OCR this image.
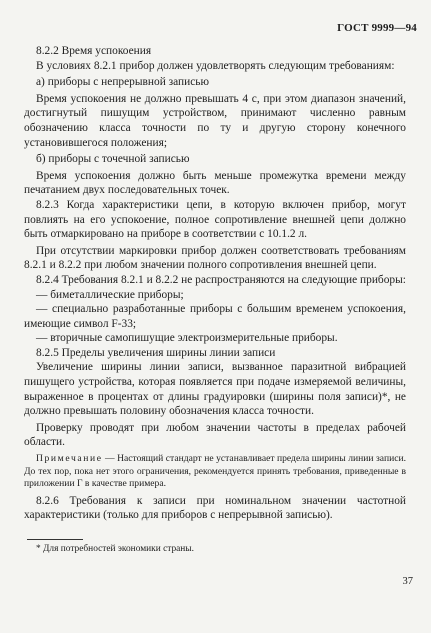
ГОСТ 9999—94

8.2.2 Время успокоения

В условиях 8.2.1 прибор должен удовлетворять следующим требованиям:

а) приборы с непрерывной записью

Время успокоения не должно превышать 4 с, при этом диапазон значений, достигнутый пишущим устройством, принимают численно равным обозначению класса точности по ту и другую сторону конечного установившегося положения;

б) приборы с точечной записью

Время успокоения должно быть меньше промежутка времени между печатанием двух последовательных точек.

8.2.3 Когда характеристики цепи, в которую включен прибор, могут повлиять на его успокоение, полное сопротивление внешней цепи должно быть отмаркировано на приборе в соответствии с 10.1.2 л.

При отсутствии маркировки прибор должен соответствовать требованиям 8.2.1 и 8.2.2 при любом значении полного сопротивления внешней цепи.

8.2.4 Требования 8.2.1 и 8.2.2 не распространяются на следующие приборы:

— биметаллические приборы;

— специально разработанные приборы с большим временем успокоения, имеющие символ F-33;

— вторичные самопишущие электроизмерительные приборы.

8.2.5 Пределы увеличения ширины линии записи

Увеличение ширины линии записи, вызванное паразитной вибрацией пишущего устройства, которая появляется при подаче измеряемой величины, выраженное в процентах от длины градуировки (ширины поля записи)*, не должно превышать половину обозначения класса точности.

Проверку проводят при любом значении частоты в пределах рабочей области.

Примечание — Настоящий стандарт не устанавливает предела ширины линии записи. До тех пор, пока нет этого ограничения, рекомендуется принять требования, приведенные в приложении Г в качестве примера.

8.2.6 Требования к записи при номинальном значении частотной характеристики (только для приборов с непрерывной записью).

* Для потребностей экономики страны.
37
